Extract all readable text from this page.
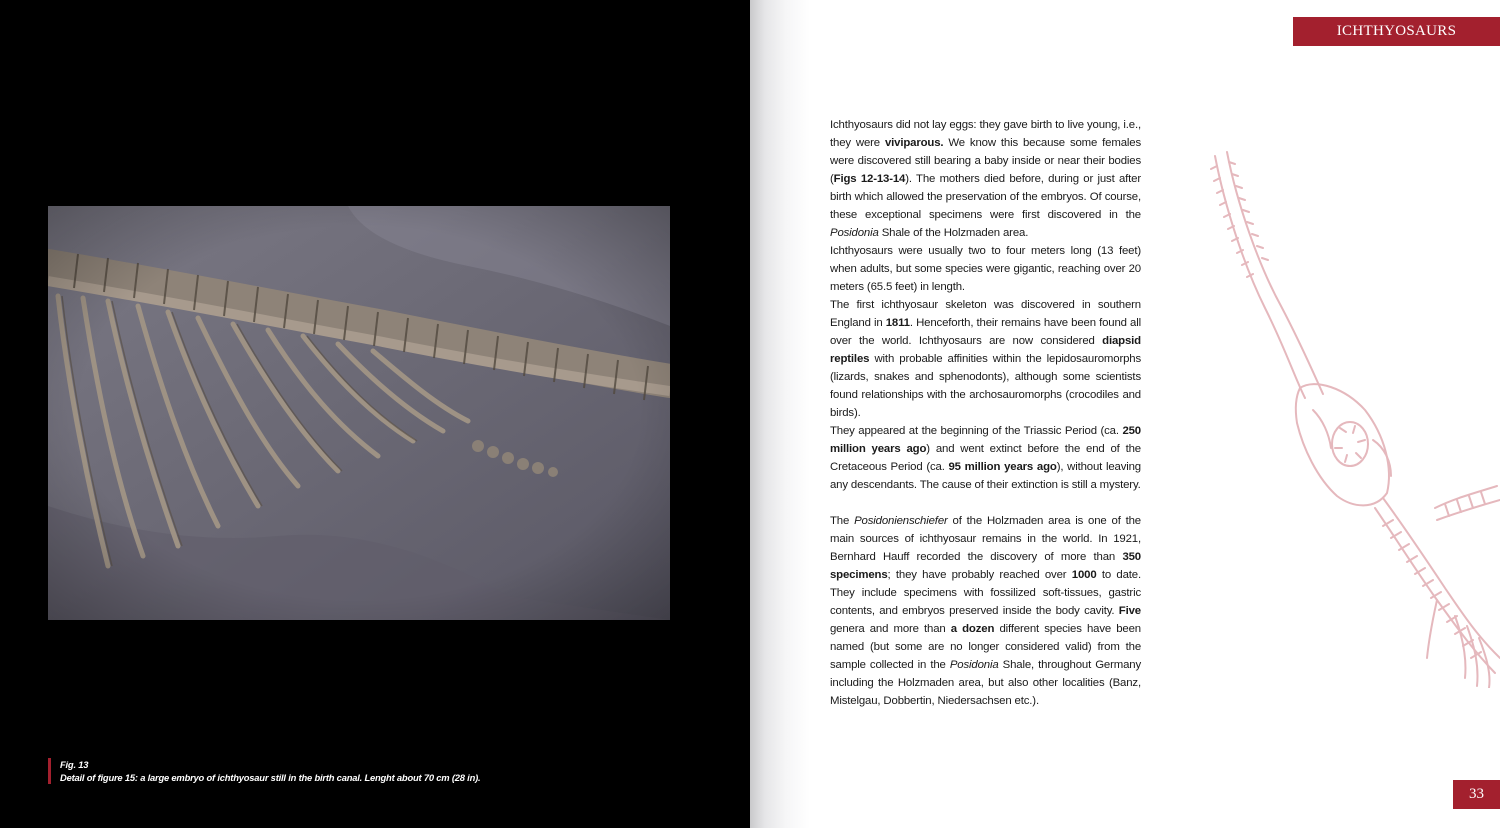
Fig. 13
Detail of figure 15: a large embryo of ichthyosaur still in the birth canal. Lenght about 70 cm (28 in).
ICHTHYOSAURS

Ichthyosaurs did not lay eggs: they gave birth to live young, i.e., they were viviparous. We know this because some females were discovered still bearing a baby inside or near their bodies (Figs 12-13-14). The mothers died before, during or just after birth which allowed the preservation of the embryos. Of course, these exceptional specimens were first discovered in the Posidonia Shale of the Holzmaden area.

Ichthyosaurs were usually two to four meters long (13 feet) when adults, but some species were gigantic, reaching over 20 meters (65.5 feet) in length.

The first ichthyosaur skeleton was discovered in southern England in 1811. Henceforth, their remains have been found all over the world. Ichthyosaurs are now considered diapsid reptiles with probable affinities within the lepidosauromorphs (lizards, snakes and sphenodonts), although some scientists found relationships with the archosauromorphs (crocodiles and birds).

They appeared at the beginning of the Triassic Period (ca. 250 million years ago) and went extinct before the end of the Cretaceous Period (ca. 95 million years ago), without leaving any descendants. The cause of their extinction is still a mystery.

The Posidonienschiefer of the Holzmaden area is one of the main sources of ichthyosaur remains in the world. In 1921, Bernhard Hauff recorded the discovery of more than 350 specimens; they have probably reached over 1000 to date. They include specimens with fossilized soft-tissues, gastric contents, and embryos preserved inside the body cavity. Five genera and more than a dozen different species have been named (but some are no longer considered valid) from the sample collected in the Posidonia Shale, throughout Germany including the Holzmaden area, but also other localities (Banz, Mistelgau, Dobbertin, Niedersachsen etc.).

33
